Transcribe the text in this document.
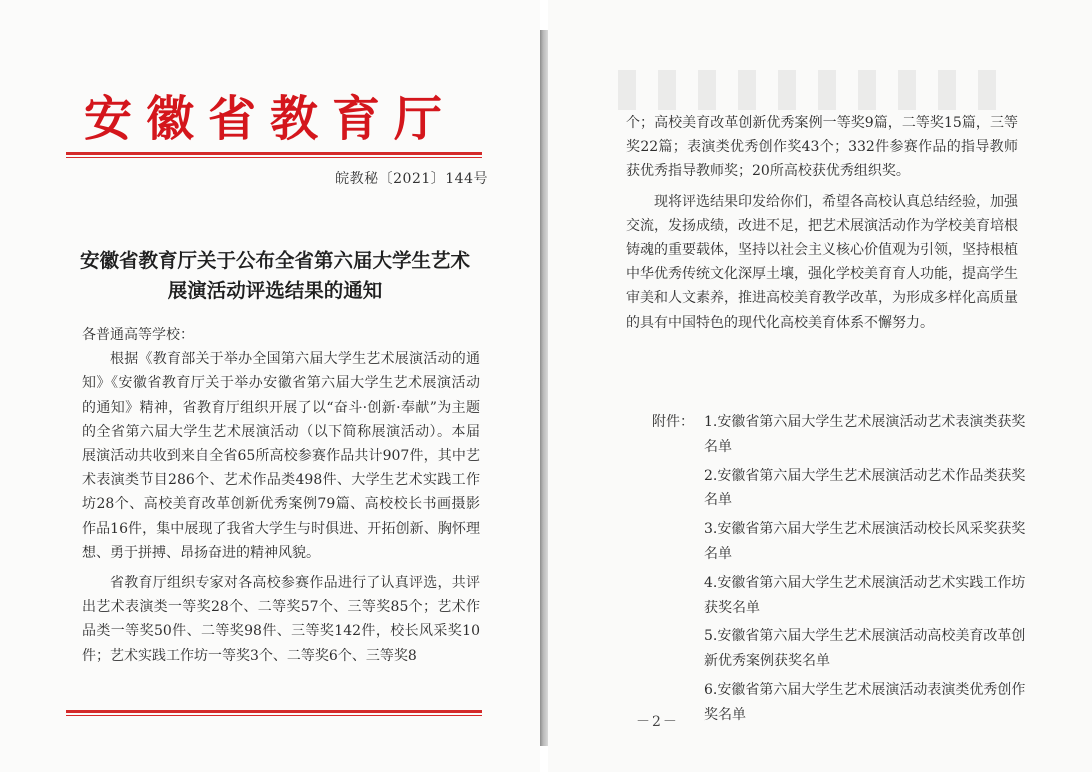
安徽省教育厅
皖教秘〔2021〕144号
安徽省教育厅关于公布全省第六届大学生艺术
展演活动评选结果的通知

各普通高等学校：

根据《教育部关于举办全国第六届大学生艺术展演活动的通知》《安徽省教育厅关于举办安徽省第六届大学生艺术展演活动的通知》精神，省教育厅组织开展了以“奋斗·创新·奉献”为主题的全省第六届大学生艺术展演活动（以下简称展演活动）。本届展演活动共收到来自全省65所高校参赛作品共计907件，其中艺术表演类节目286个、艺术作品类498件、大学生艺术实践工作坊28个、高校美育改革创新优秀案例79篇、高校校长书画摄影作品16件，集中展现了我省大学生与时俱进、开拓创新、胸怀理想、勇于拼搏、昂扬奋进的精神风貌。

省教育厅组织专家对各高校参赛作品进行了认真评选，共评出艺术表演类一等奖28个、二等奖57个、三等奖85个；艺术作品类一等奖50件、二等奖98件、三等奖142件，校长风采奖10件；艺术实践工作坊一等奖3个、二等奖6个、三等奖8

个；高校美育改革创新优秀案例一等奖9篇，二等奖15篇，三等奖22篇；表演类优秀创作奖43个；332件参赛作品的指导教师获优秀指导教师奖；20所高校获优秀组织奖。

现将评选结果印发给你们，希望各高校认真总结经验，加强交流，发扬成绩，改进不足，把艺术展演活动作为学校美育培根铸魂的重要载体，坚持以社会主义核心价值观为引领，坚持根植中华优秀传统文化深厚土壤，强化学校美育育人功能，提高学生审美和人文素养，推进高校美育教学改革，为形成多样化高质量的具有中国特色的现代化高校美育体系不懈努力。

附件： 1.安徽省第六届大学生艺术展演活动艺术表演类获奖名单
2.安徽省第六届大学生艺术展演活动艺术作品类获奖名单
3.安徽省第六届大学生艺术展演活动校长风采奖获奖名单
4.安徽省第六届大学生艺术展演活动艺术实践工作坊获奖名单
5.安徽省第六届大学生艺术展演活动高校美育改革创新优秀案例获奖名单
6.安徽省第六届大学生艺术展演活动表演类优秀创作奖名单
－2－
